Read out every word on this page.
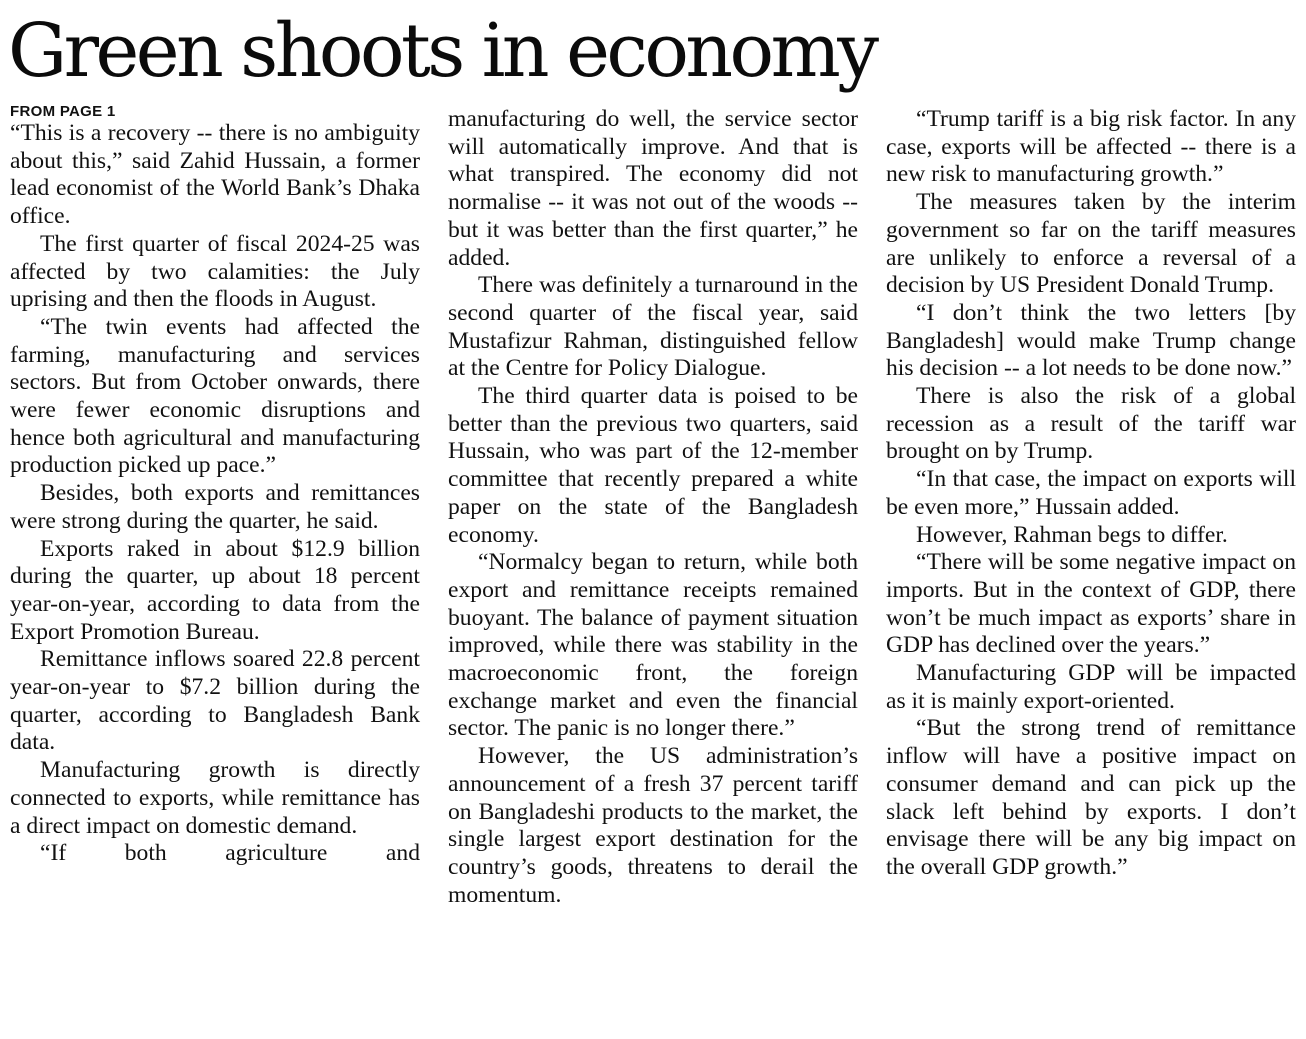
Green shoots in economy
FROM PAGE 1

“This is a recovery -- there is no ambiguity about this,” said Zahid Hussain, a former lead economist of the World Bank’s Dhaka office.

The first quarter of fiscal 2024-25 was affected by two calamities: the July uprising and then the floods in August.

“The twin events had affected the farming, manufacturing and services sectors. But from October onwards, there were fewer economic disruptions and hence both agricultural and manufacturing production picked up pace.”

Besides, both exports and remittances were strong during the quarter, he said.

Exports raked in about $12.9 billion during the quarter, up about 18 percent year-on-year, according to data from the Export Promotion Bureau.

Remittance inflows soared 22.8 percent year-on-year to $7.2 billion during the quarter, according to Bangladesh Bank data.

Manufacturing growth is directly connected to exports, while remittance has a direct impact on domestic demand.

“If both agriculture and

manufacturing do well, the service sector will automatically improve. And that is what transpired. The economy did not normalise -- it was not out of the woods -- but it was better than the first quarter,” he added.

There was definitely a turnaround in the second quarter of the fiscal year, said Mustafizur Rahman, distinguished fellow at the Centre for Policy Dialogue.

The third quarter data is poised to be better than the previous two quarters, said Hussain, who was part of the 12-member committee that recently prepared a white paper on the state of the Bangladesh economy.

“Normalcy began to return, while both export and remittance receipts remained buoyant. The balance of payment situation improved, while there was stability in the macroeconomic front, the foreign exchange market and even the financial sector. The panic is no longer there.”

However, the US administration’s announcement of a fresh 37 percent tariff on Bangladeshi products to the market, the single largest export destination for the country’s goods, threatens to derail the momentum.

“Trump tariff is a big risk factor. In any case, exports will be affected -- there is a new risk to manufacturing growth.”

The measures taken by the interim government so far on the tariff measures are unlikely to enforce a reversal of a decision by US President Donald Trump.

“I don’t think the two letters [by Bangladesh] would make Trump change his decision -- a lot needs to be done now.”

There is also the risk of a global recession as a result of the tariff war brought on by Trump.

“In that case, the impact on exports will be even more,” Hussain added.

However, Rahman begs to differ.

“There will be some negative impact on imports. But in the context of GDP, there won’t be much impact as exports’ share in GDP has declined over the years.”

Manufacturing GDP will be impacted as it is mainly export-oriented.

“But the strong trend of remittance inflow will have a positive impact on consumer demand and can pick up the slack left behind by exports. I don’t envisage there will be any big impact on the overall GDP growth.”
